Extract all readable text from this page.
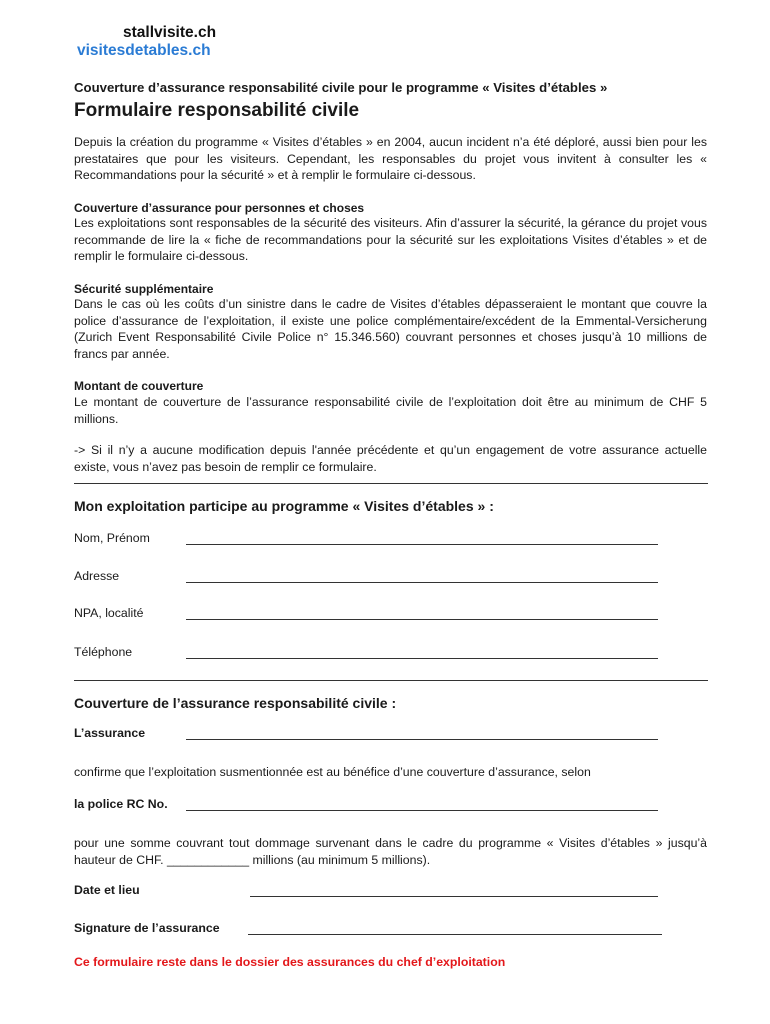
stallvisite.ch
visitesdetables.ch
Couverture d’assurance responsabilité civile pour le programme « Visites d’étables »
Formulaire responsabilité civile
Depuis la création du programme « Visites d’étables » en 2004, aucun incident n’a été déploré, aussi bien pour les prestataires que pour les visiteurs. Cependant, les responsables du projet vous invitent à consulter les « Recommandations pour la sécurité » et à remplir le formulaire ci-dessous.
Couverture d’assurance pour personnes et choses
Les exploitations sont responsables de la sécurité des visiteurs. Afin d’assurer la sécurité, la gérance du projet vous recommande de lire la « fiche de recommandations pour la sécurité sur les exploitations Visites d’étables » et de remplir le formulaire ci-dessous.
Sécurité supplémentaire
Dans le cas où les coûts d’un sinistre dans le cadre de Visites d’étables dépasseraient le montant que couvre la police d’assurance de l’exploitation, il existe une police complémentaire/excédent de la Emmental-Versicherung (Zurich Event Responsabilité Civile Police n° 15.346.560) couvrant personnes et choses jusqu’à 10 millions de francs par année.
Montant de couverture
Le montant de couverture de l’assurance responsabilité civile de l’exploitation doit être au minimum de CHF 5 millions.
-> Si il n’y a aucune modification depuis l'année précédente et qu’un engagement de votre assurance actuelle existe, vous n’avez pas besoin de remplir ce formulaire.
Mon exploitation participe au programme « Visites d’étables » :
Nom, Prénom
Adresse
NPA, localité
Téléphone
Couverture de l’assurance responsabilité civile :
L’assurance
confirme que l’exploitation susmentionnée est au bénéfice d’une couverture d’assurance, selon
la police RC No.
pour une somme couvrant tout dommage survenant dans le cadre du programme « Visites d’étables » jusqu’à hauteur de CHF. ____________ millions (au minimum 5 millions).
Date et lieu
Signature de l’assurance
Ce formulaire reste dans le dossier des assurances du chef d’exploitation
